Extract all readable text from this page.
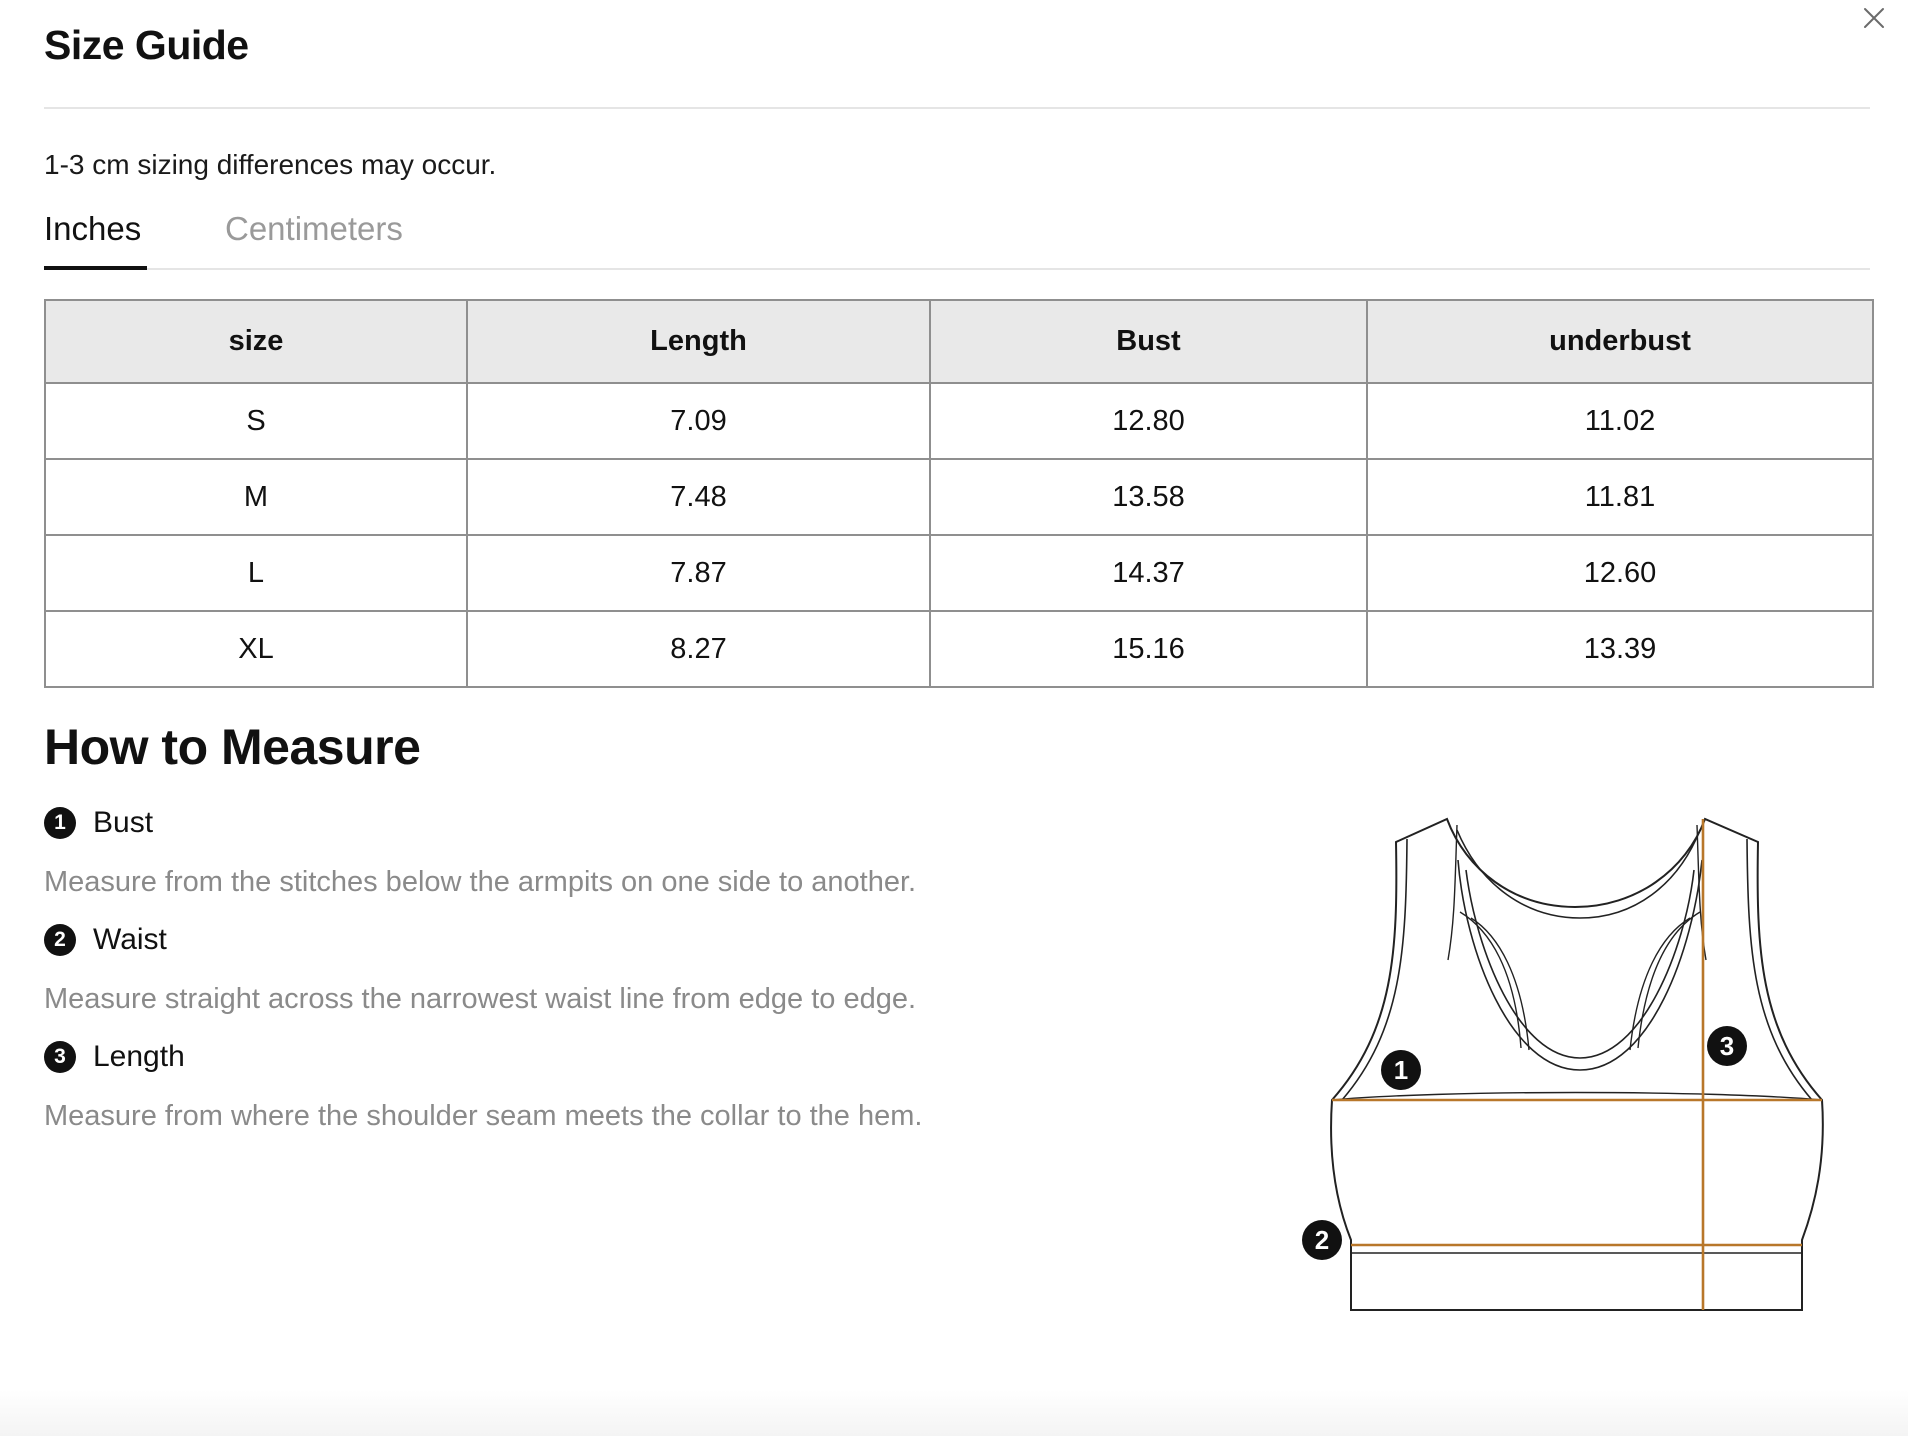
Size Guide
1-3 cm sizing differences may occur.
Inches	Centimeters
size	Length	Bust	underbust
S	7.09	12.80	11.02
M	7.48	13.58	11.81
L	7.87	14.37	12.60
XL	8.27	15.16	13.39
How to Measure
1 Bust
Measure from the stitches below the armpits on one side to another.
2 Waist
Measure straight across the narrowest waist line from edge to edge.
3 Length
Measure from where the shoulder seam meets the collar to the hem.
1
2
3
